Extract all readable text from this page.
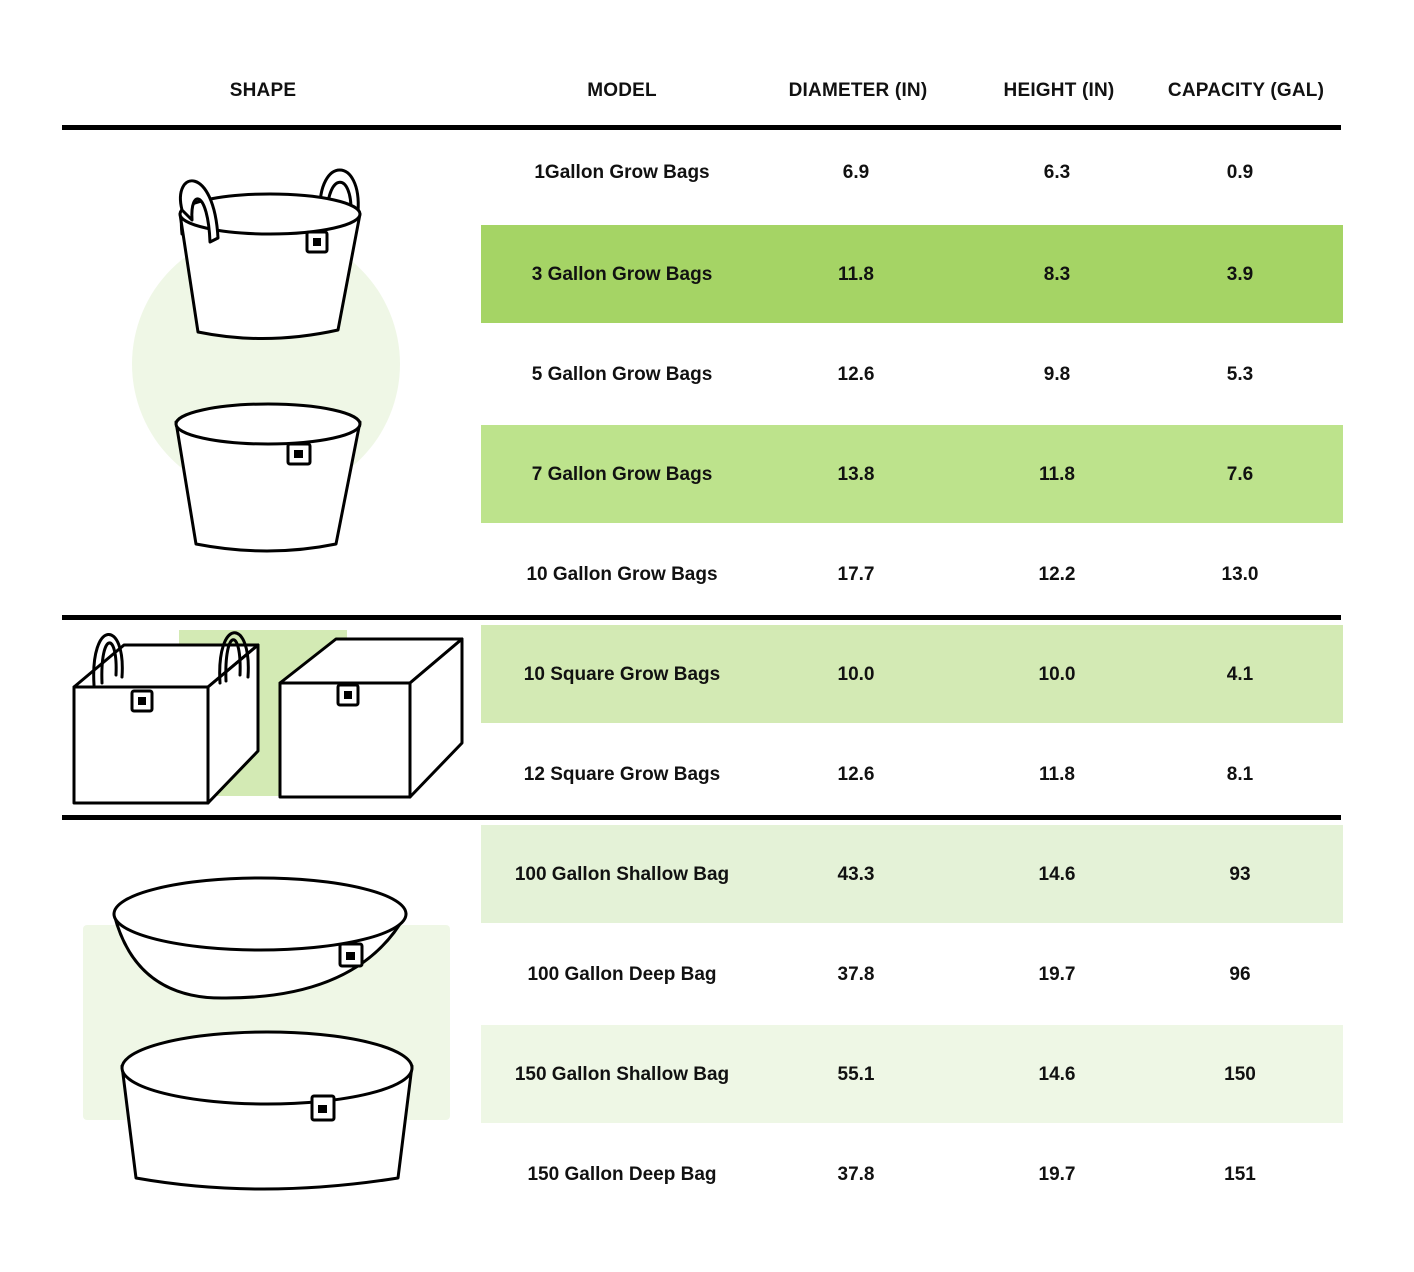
SHAPE	MODEL	DIAMETER (IN)	HEIGHT (IN)	CAPACITY (GAL)
1Gallon Grow Bags	6.9	6.3	0.9
3 Gallon Grow Bags	11.8	8.3	3.9
5 Gallon Grow Bags	12.6	9.8	5.3
7 Gallon Grow Bags	13.8	11.8	7.6
10 Gallon Grow Bags	17.7	12.2	13.0
10 Square Grow Bags	10.0	10.0	4.1
12 Square Grow Bags	12.6	11.8	8.1
100 Gallon Shallow Bag	43.3	14.6	93
100 Gallon Deep Bag	37.8	19.7	96
150 Gallon Shallow Bag	55.1	14.6	150
150 Gallon Deep Bag	37.8	19.7	151
